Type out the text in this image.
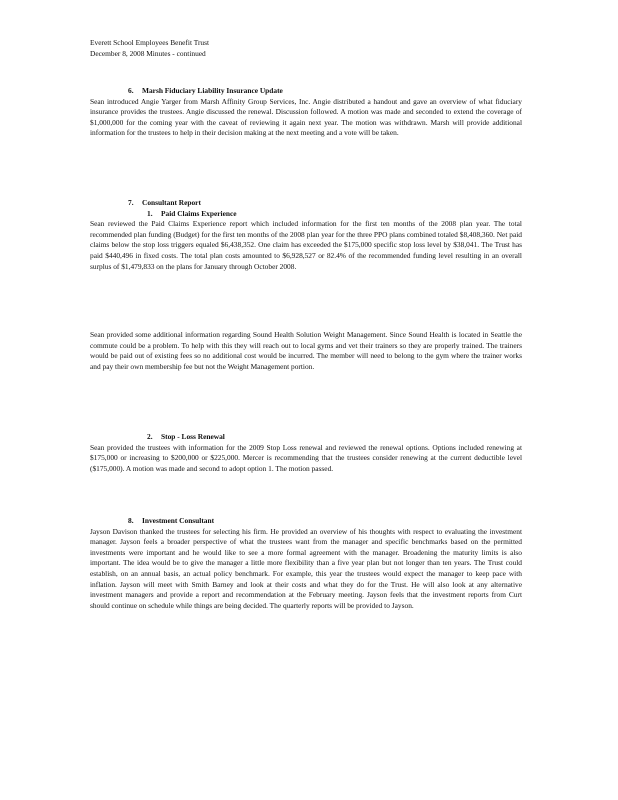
Everett School Employees Benefit Trust
December 8, 2008 Minutes - continued
6. Marsh Fiduciary Liability Insurance Update

Sean introduced Angie Yarger from Marsh Affinity Group Services, Inc. Angie distributed a handout and gave an overview of what fiduciary insurance provides the trustees. Angie discussed the renewal. Discussion followed. A motion was made and seconded to extend the coverage of $1,000,000 for the coming year with the caveat of reviewing it again next year. The motion was withdrawn. Marsh will provide additional information for the trustees to help in their decision making at the next meeting and a vote will be taken.

7. Consultant Report
1. Paid Claims Experience

Sean reviewed the Paid Claims Experience report which included information for the first ten months of the 2008 plan year. The total recommended plan funding (Budget) for the first ten months of the 2008 plan year for the three PPO plans combined totaled $8,408,360. Net paid claims below the stop loss triggers equaled $6,438,352. One claim has exceeded the $175,000 specific stop loss level by $38,041. The Trust has paid $440,496 in fixed costs. The total plan costs amounted to $6,928,527 or 82.4% of the recommended funding level resulting in an overall surplus of $1,479,833 on the plans for January through October 2008.

Sean provided some additional information regarding Sound Health Solution Weight Management. Since Sound Health is located in Seattle the commute could be a problem. To help with this they will reach out to local gyms and vet their trainers so they are properly trained. The trainers would be paid out of existing fees so no additional cost would be incurred. The member will need to belong to the gym where the trainer works and pay their own membership fee but not the Weight Management portion.

2. Stop - Loss Renewal

Sean provided the trustees with information for the 2009 Stop Loss renewal and reviewed the renewal options. Options included renewing at $175,000 or increasing to $200,000 or $225,000. Mercer is recommending that the trustees consider renewing at the current deductible level ($175,000). A motion was made and second to adopt option 1. The motion passed.

8. Investment Consultant

Jayson Davison thanked the trustees for selecting his firm. He provided an overview of his thoughts with respect to evaluating the investment manager. Jayson feels a broader perspective of what the trustees want from the manager and specific benchmarks based on the permitted investments were important and he would like to see a more formal agreement with the manager. Broadening the maturity limits is also important. The idea would be to give the manager a little more flexibility than a five year plan but not longer than ten years. The Trust could establish, on an annual basis, an actual policy benchmark. For example, this year the trustees would expect the manager to keep pace with inflation. Jayson will meet with Smith Barney and look at their costs and what they do for the Trust. He will also look at any alternative investment managers and provide a report and recommendation at the February meeting. Jayson feels that the investment reports from Curt should continue on schedule while things are being decided. The quarterly reports will be provided to Jayson.
